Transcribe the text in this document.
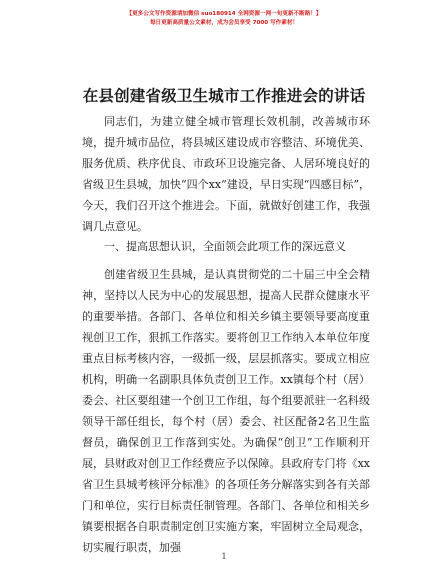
【更多公文写作资源请加微信 suo180914 全网资源一网一旬更新不断路！】
每日更新高质量公文素材，成为会员享受 7000 写作素材！
在县创建省级卫生城市工作推进会的讲话
同志们，为建立健全城市管理长效机制，改善城市环境，提升城市品位，将县城区建设成市容整洁、环境优美、服务优质、秩序优良、市政环卫设施完备、人居环境良好的省级卫生县城，加快“四个xx”建设，早日实现“四感目标”，今天，我们召开这个推进会。下面，就做好创建工作，我强调几点意见。
一、提高思想认识，全面领会此项工作的深远意义
创建省级卫生县城，是认真贯彻党的二十届三中全会精神，坚持以人民为中心的发展思想，提高人民群众健康水平的重要举措。各部门、各单位和相关乡镇主要领导要高度重视创卫工作，狠抓工作落实。要将创卫工作纳入本单位年度重点目标考核内容，一级抓一级，层层抓落实。要成立相应机构，明确一名副职具体负责创卫工作。xx镇每个村（居）委会、社区要组建一个创卫工作组，每个组要派驻一名科级领导干部任组长，每个村（居）委会、社区配备2名卫生监督员，确保创卫工作落到实处。为确保“创卫”工作顺利开展，县财政对创卫工作经费应予以保障。县政府专门将《xx省卫生县城考核评分标准》的各项任务分解落实到各有关部门和单位，实行目标责任制管理。各部门、各单位和相关乡镇要根据各自职责制定创卫实施方案，牢固树立全局观念，切实履行职责，加强
1
